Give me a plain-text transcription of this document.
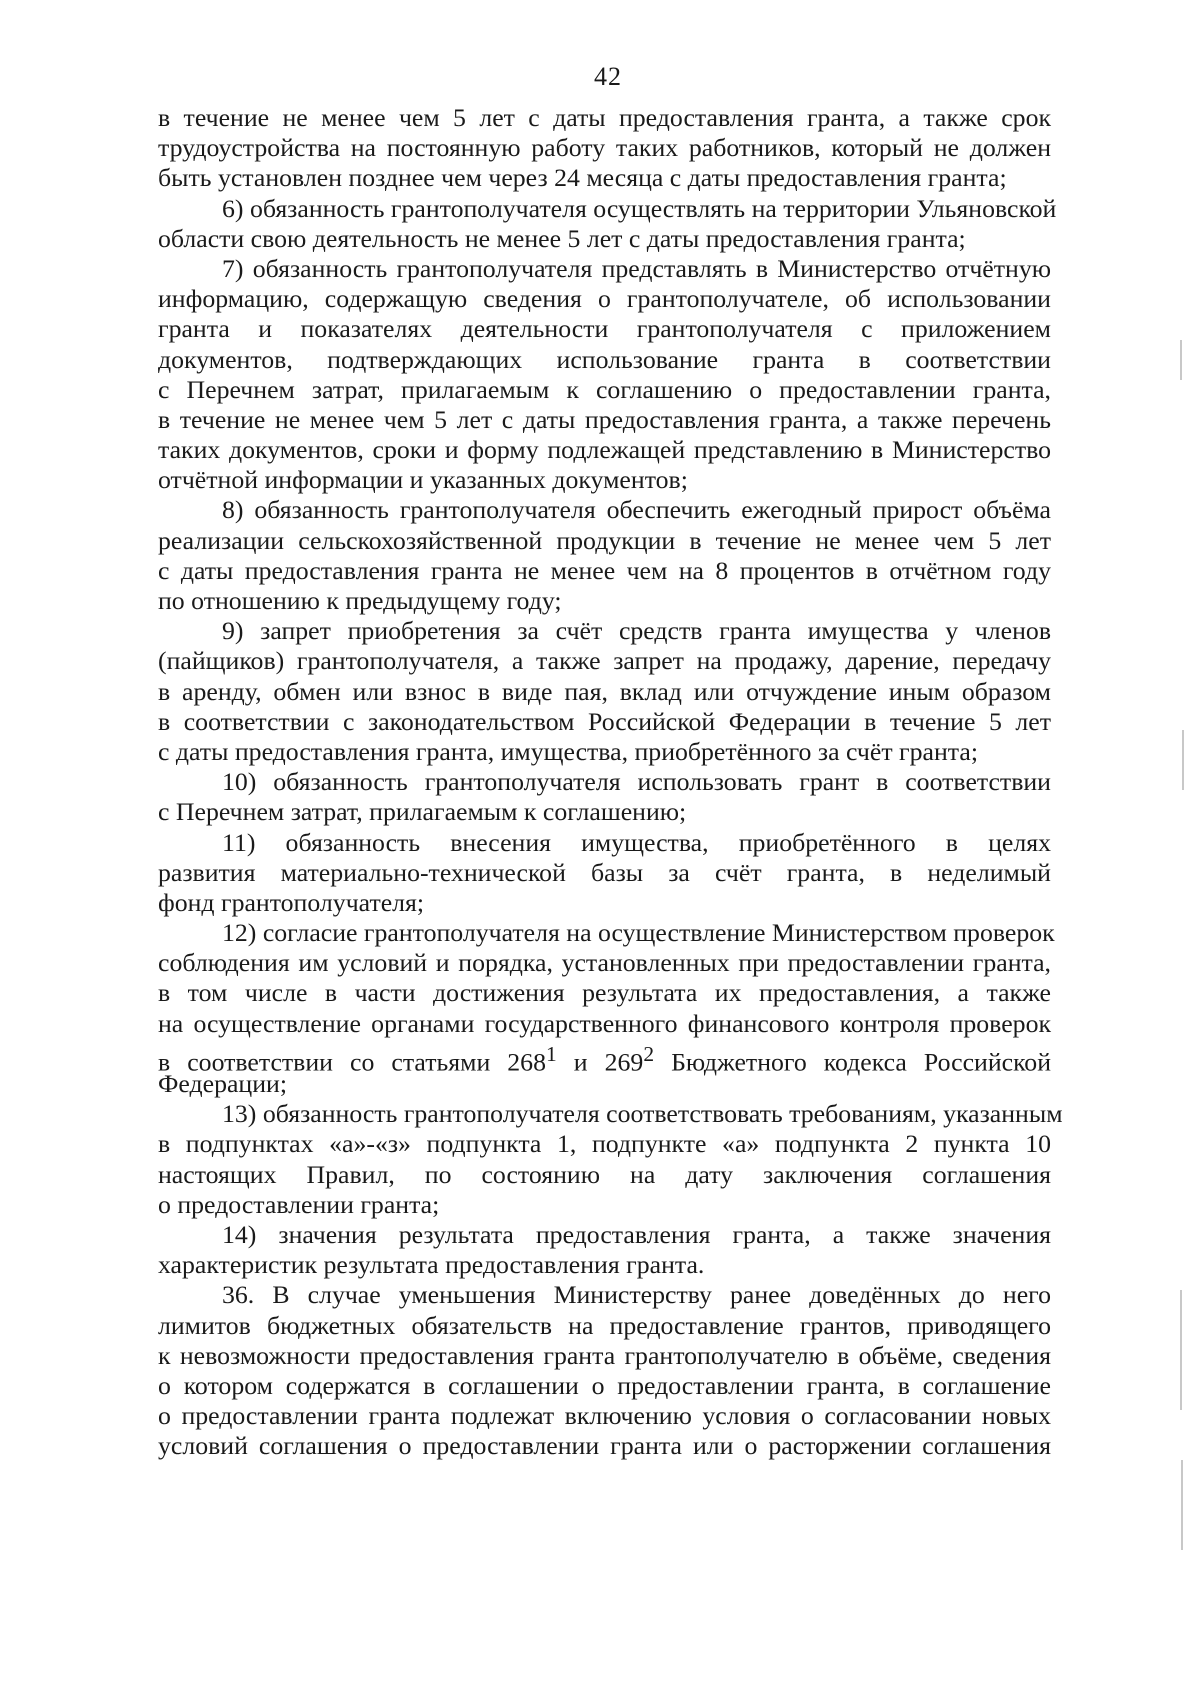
42
в течение не менее чем 5 лет с даты предоставления гранта, а также срок
трудоустройства на постоянную работу таких работников, который не должен
быть установлен позднее чем через 24 месяца с даты предоставления гранта;
6) обязанность грантополучателя осуществлять на территории Ульяновской
области свою деятельность не менее 5 лет с даты предоставления гранта;
7) обязанность грантополучателя представлять в Министерство отчётную
информацию, содержащую сведения о грантополучателе, об использовании
гранта и показателях деятельности грантополучателя с приложением
документов, подтверждающих использование гранта в соответствии
с Перечнем затрат, прилагаемым к соглашению о предоставлении гранта,
в течение не менее чем 5 лет с даты предоставления гранта, а также перечень
таких документов, сроки и форму подлежащей представлению в Министерство
отчётной информации и указанных документов;
8) обязанность грантополучателя обеспечить ежегодный прирост объёма
реализации сельскохозяйственной продукции в течение не менее чем 5 лет
с даты предоставления гранта не менее чем на 8 процентов в отчётном году
по отношению к предыдущему году;
9) запрет приобретения за счёт средств гранта имущества у членов
(пайщиков) грантополучателя, а также запрет на продажу, дарение, передачу
в аренду, обмен или взнос в виде пая, вклад или отчуждение иным образом
в соответствии с законодательством Российской Федерации в течение 5 лет
с даты предоставления гранта, имущества, приобретённого за счёт гранта;
10) обязанность грантополучателя использовать грант в соответствии
с Перечнем затрат, прилагаемым к соглашению;
11) обязанность внесения имущества, приобретённого в целях
развития материально-технической базы за счёт гранта, в неделимый
фонд грантополучателя;
12) согласие грантополучателя на осуществление Министерством проверок
соблюдения им условий и порядка, установленных при предоставлении гранта,
в том числе в части достижения результата их предоставления, а также
на осуществление органами государственного финансового контроля проверок
в соответствии со статьями $268^1$ и $269^2$ Бюджетного кодекса Российской
Федерации;
13) обязанность грантополучателя соответствовать требованиям, указанным
в подпунктах «а»-«з» подпункта 1, подпункте «а» подпункта 2 пункта 10
настоящих Правил, по состоянию на дату заключения соглашения
о предоставлении гранта;
14) значения результата предоставления гранта, а также значения
характеристик результата предоставления гранта.
36. В случае уменьшения Министерству ранее доведённых до него
лимитов бюджетных обязательств на предоставление грантов, приводящего
к невозможности предоставления гранта грантополучателю в объёме, сведения
о котором содержатся в соглашении о предоставлении гранта, в соглашение
о предоставлении гранта подлежат включению условия о согласовании новых
условий соглашения о предоставлении гранта или о расторжении соглашения
